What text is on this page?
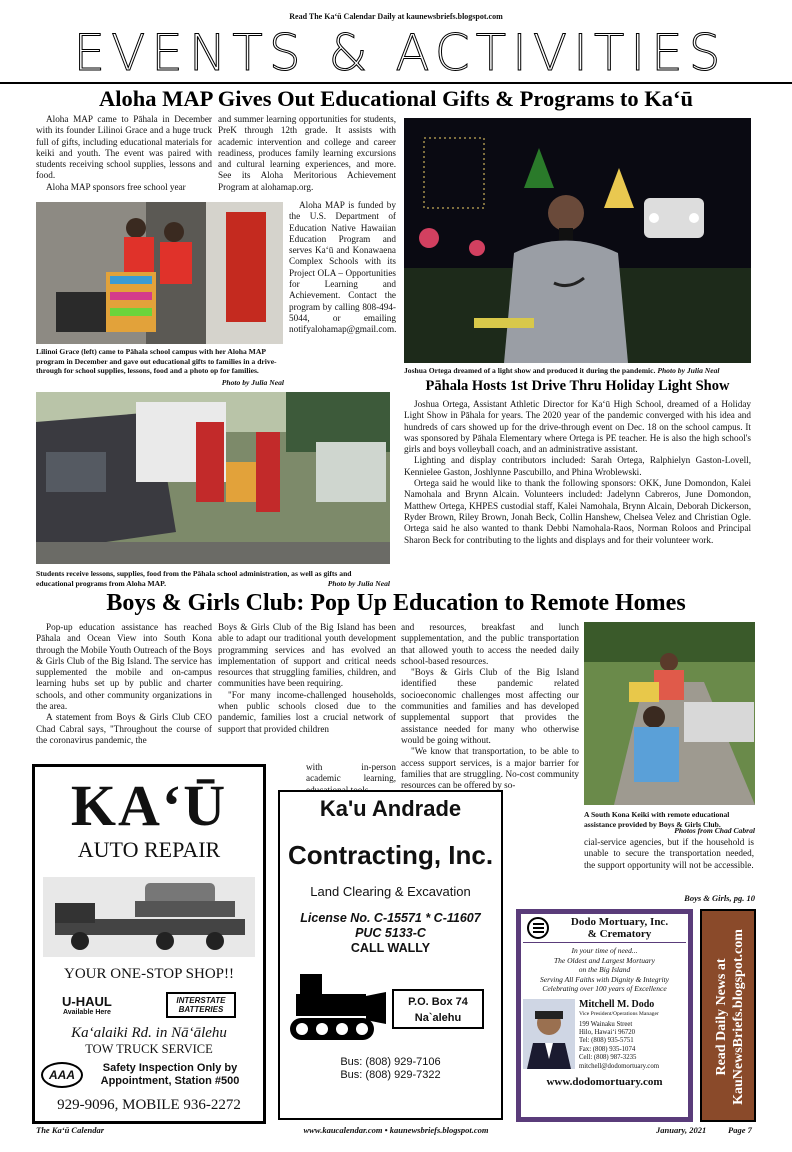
Read The Ka‘ū Calendar Daily at kaunewsbriefs.blogspot.com
EVENTS & ACTIVITIES
Aloha MAP Gives Out Educational Gifts & Programs to Ka‘ū

Aloha MAP came to Pāhala in December with its founder Lilinoi Grace and a huge truck full of gifts, including educational materials for keiki and youth. The event was paired with students receiving school supplies, lessons and food.

Aloha MAP sponsors free school year

and summer learning opportunities for students, PreK through 12th grade. It assists with academic intervention and college and career readiness, produces family learning excursions and cultural learning experiences, and more. See its Aloha Meritorious Achievement Program at alohamap.org.

Aloha MAP is funded by the U.S. Department of Education Native Hawaiian Education Program and serves Ka‘ū and Konawaena Complex Schools with its Project OLA – Opportunities for Learning and Achievement. Contact the program by calling 808-494-5044, or emailing notifyalohamap@gmail.com.

Lilinoi Grace (left) came to Pāhala school campus with her Aloha MAP program in December and gave out educational gifts to families in a drive-through for school supplies, lessons, food and a photo op for families.
Photo by Julia Neal
Students receive lessons, supplies, food from the Pāhala school administration, as well as gifts and educational programs from Aloha MAP.	Photo by Julia Neal
Joshua Ortega dreamed of a light show and produced it during the pandemic. Photo by Julia Neal
Pāhala Hosts 1st Drive Thru Holiday Light Show

Joshua Ortega, Assistant Athletic Director for Ka‘ū High School, dreamed of a Holiday Light Show in Pāhala for years. The 2020 year of the pandemic converged with his idea and hundreds of cars showed up for the drive-through event on Dec. 18 on the school campus. It was sponsored by Pāhala Elementary where Ortega is PE teacher. He is also the high school's girls and boys volleyball coach, and an administrative assistant.

Lighting and display contributors included: Sarah Ortega, Ralphielyn Gaston-Lovell, Kennielee Gaston, Joshlynne Pascubillo, and Phina Wroblewski.

Ortega said he would like to thank the following sponsors: OKK, June Domondon, Kalei Namohala and Brynn Alcain. Volunteers included: Jadelynn Cabreros, June Domondon, Matthew Ortega, KHPES custodial staff, Kalei Namohala, Brynn Alcain, Deborah Dickerson, Ryder Brown, Riley Brown, Jonah Beck, Collin Hanshew, Chelsea Velez and Christian Ogle. Ortega said he also wanted to thank Debbi Namohala-Raos, Norman Roloos and Principal Sharon Beck for contributing to the lights and displays and for their volunteer work.

Boys & Girls Club: Pop Up Education to Remote Homes

Pop-up education assistance has reached Pāhala and Ocean View into South Kona through the Mobile Youth Outreach of the Boys & Girls Club of the Big Island. The service has supplemented the mobile and on-campus learning hubs set up by public and charter schools, and other community organizations in the area.

A statement from Boys & Girls Club CEO Chad Cabral says, "Throughout the course of the coronavirus pandemic, the

Boys & Girls Club of the Big Island has been able to adapt our traditional youth development programming services and has evolved an implementation of support and critical needs resources that struggling families, children, and communities have been requiring.

"For many income-challenged households, when public schools closed due to the pandemic, families lost a crucial network of support that provided children

with in-person academic learning,

and resources, breakfast and lunch supplementation, and the public transportation that allowed youth to access the needed daily school-based resources.

"Boys & Girls Club of the Big Island identified these pandemic related socioeconomic challenges most affecting our communities and families and has developed supplemental support that provides the assistance needed for many who otherwise would be going without.

"We know that transportation, to be able to access support services, is a major barrier for families that are struggling. No-cost community resources can be offered by so-

cial-service agencies, but if the household is unable to secure the transportation needed, the support opportunity will not be accessible.

A South Kona Keiki with remote educational assistance provided by Boys & Girls Club.
Photos from Chad Cabral
Boys & Girls, pg. 10
KA‘Ū
AUTO REPAIR
YOUR ONE-STOP SHOP!!
U-HAUL
Available Here
INTERSTATE BATTERIES
Ka‘alaiki Rd. in Nā‘ālehu
TOW TRUCK SERVICE
AAA	Safety Inspection Only by Appointment, Station #500
929-9096, MOBILE 936-2272
Ka'u Andrade
Contracting, Inc.
Land Clearing & Excavation
License No. C-15571 * C-11607
PUC 5133-C
CALL WALLY
P.O. Box 74
Na`alehu
Bus: (808) 929-7106
Bus: (808) 929-7322
Dodo Mortuary, Inc.
& Crematory
In your time of need...
The Oldest and Largest Mortuary
on the Big Island
Serving All Faiths with Dignity & Integrity
Celebrating over 100 years of Excellence
Mitchell M. Dodo
Vice President/Operations Manager
199 Wainaku Street
Hilo, Hawai‘i 96720
Tel: (808) 935-5751
Fax: (808) 935-1074
Cell: (808) 987-3235
mitchell@dodomortuary.com
www.dodomortuary.com
Read Daily News at KauNewsBriefs.blogspot.com
The Ka‘ū Calendar	www.kaucalendar.com • kaunewsbriefs.blogspot.com	January, 2021	Page 7
